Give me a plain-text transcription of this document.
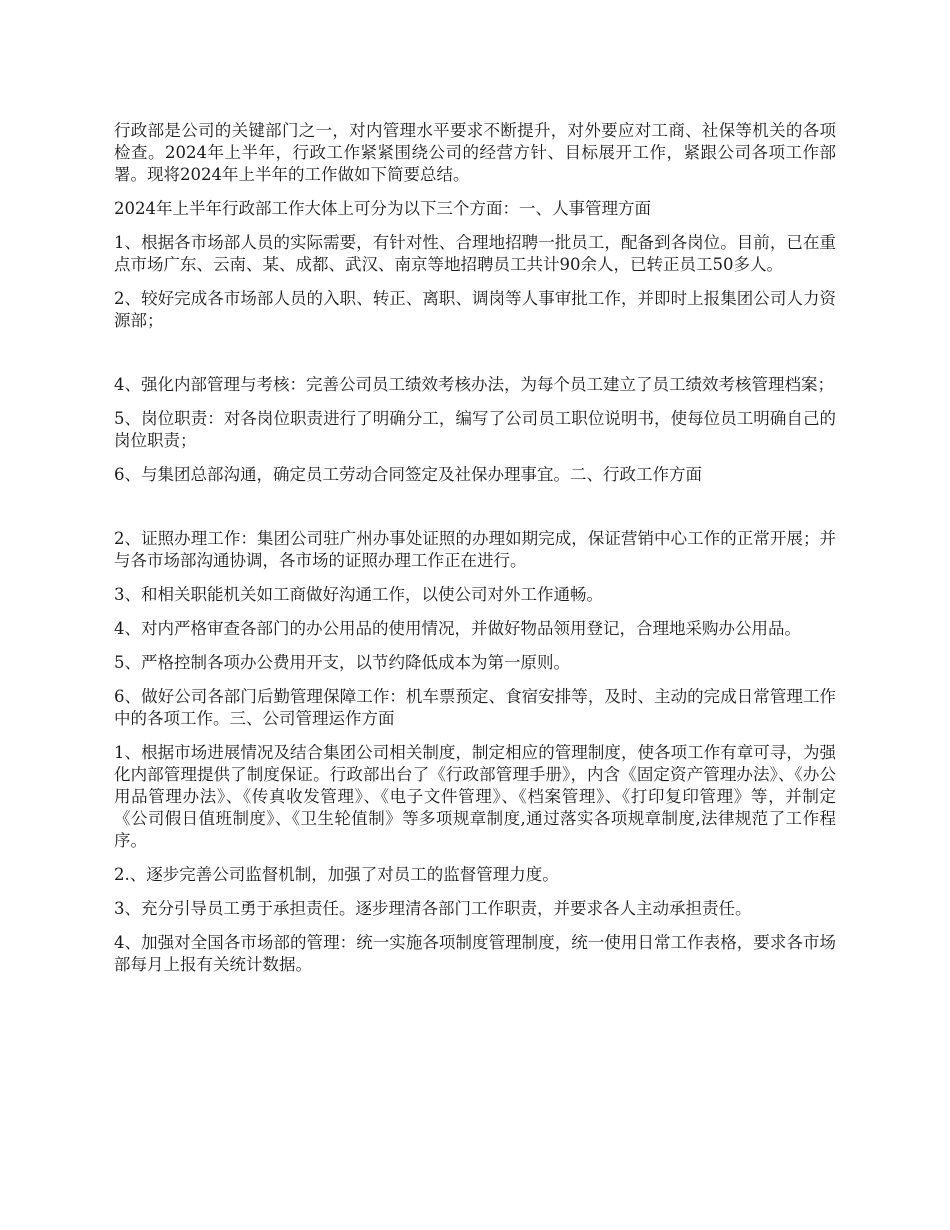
行政部是公司的关键部门之一，对内管理水平要求不断提升，对外要应对工商、社保等机关的各项检查。2024年上半年，行政工作紧紧围绕公司的经营方针、目标展开工作，紧跟公司各项工作部署。现将2024年上半年的工作做如下简要总结。

2024年上半年行政部工作大体上可分为以下三个方面：一、人事管理方面

1、根据各市场部人员的实际需要，有针对性、合理地招聘一批员工，配备到各岗位。目前，已在重点市场广东、云南、某、成都、武汉、南京等地招聘员工共计90余人，已转正员工50多人。

2、较好完成各市场部人员的入职、转正、离职、调岗等人事审批工作，并即时上报集团公司人力资源部；

4、强化内部管理与考核：完善公司员工绩效考核办法，为每个员工建立了员工绩效考核管理档案；

5、岗位职责：对各岗位职责进行了明确分工，编写了公司员工职位说明书，使每位员工明确自己的岗位职责；

6、与集团总部沟通，确定员工劳动合同签定及社保办理事宜。二、行政工作方面

2、证照办理工作：集团公司驻广州办事处证照的办理如期完成，保证营销中心工作的正常开展；并与各市场部沟通协调，各市场的证照办理工作正在进行。

3、和相关职能机关如工商做好沟通工作，以使公司对外工作通畅。

4、对内严格审查各部门的办公用品的使用情况，并做好物品领用登记，合理地采购办公用品。

5、严格控制各项办公费用开支，以节约降低成本为第一原则。

6、做好公司各部门后勤管理保障工作：机车票预定、食宿安排等，及时、主动的完成日常管理工作中的各项工作。三、公司管理运作方面

1、根据市场进展情况及结合集团公司相关制度，制定相应的管理制度，使各项工作有章可寻，为强化内部管理提供了制度保证。行政部出台了《行政部管理手册》，内含《固定资产管理办法》、《办公用品管理办法》、《传真收发管理》、《电子文件管理》、《档案管理》、《打印复印管理》等，并制定《公司假日值班制度》、《卫生轮值制》等多项规章制度,通过落实各项规章制度,法律规范了工作程序。

2.、逐步完善公司监督机制，加强了对员工的监督管理力度。

3、充分引导员工勇于承担责任。逐步理清各部门工作职责，并要求各人主动承担责任。

4、加强对全国各市场部的管理：统一实施各项制度管理制度，统一使用日常工作表格，要求各市场部每月上报有关统计数据。
